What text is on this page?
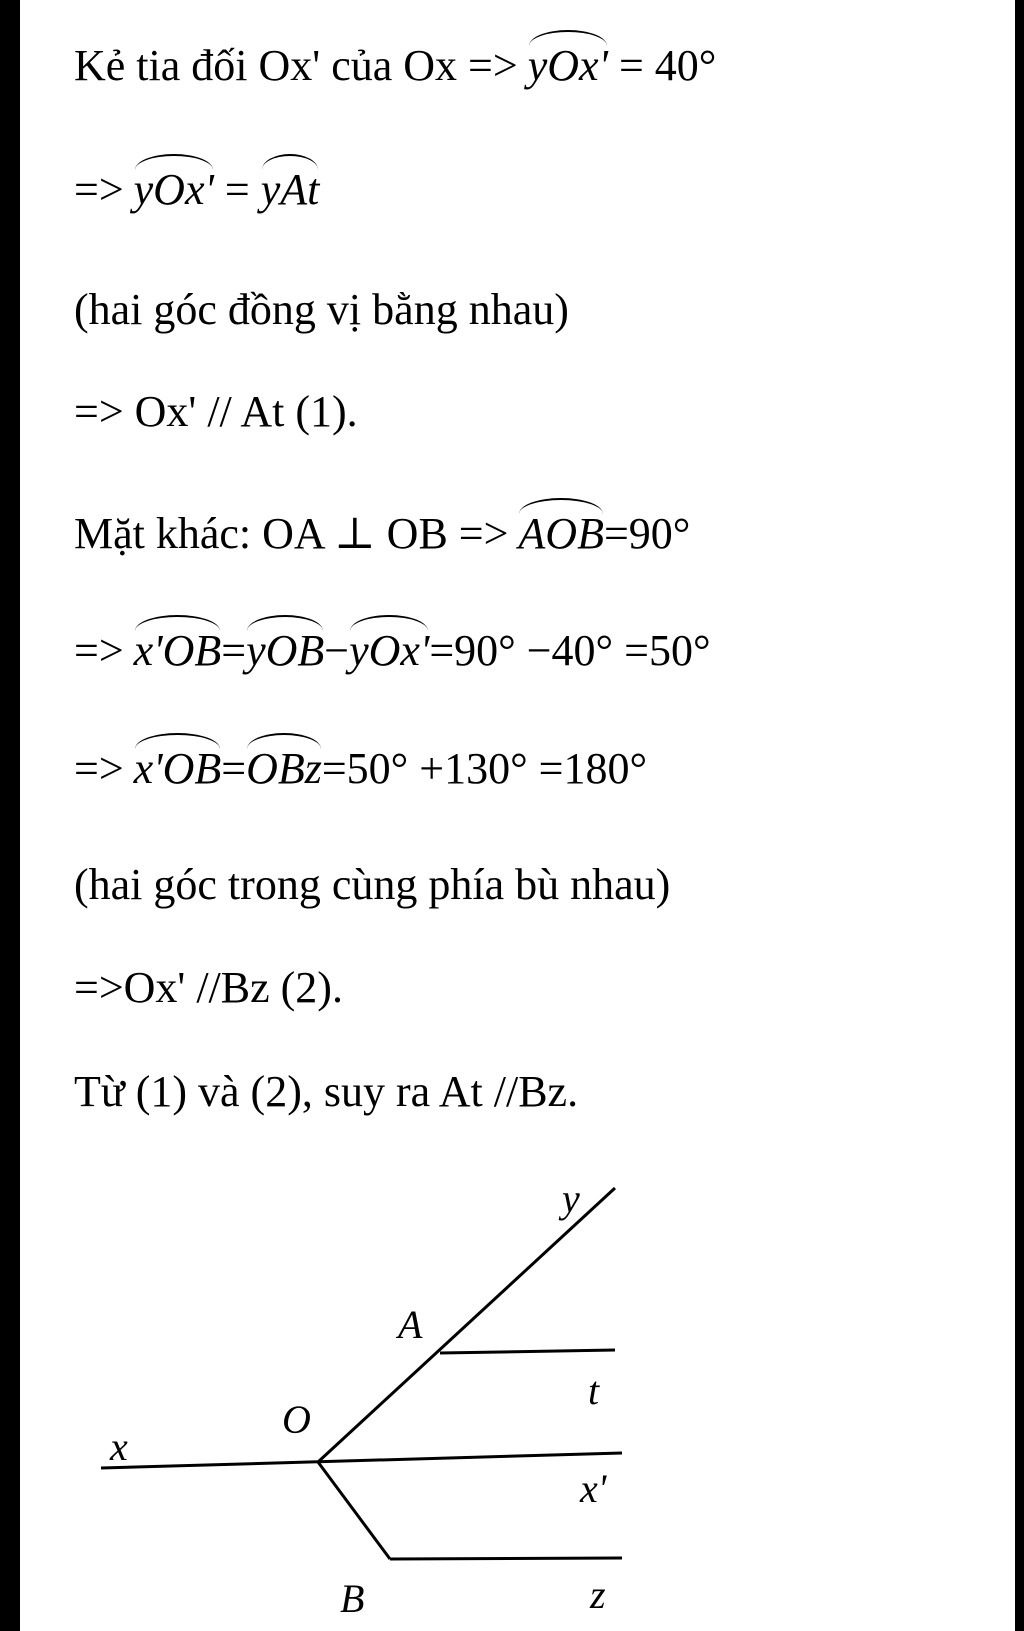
Kẻ tia đối Ox' của Ox => yOx' = 40°
=> yOx' = yAt
(hai góc đồng vị bằng nhau)
=> Ox' // At (1).
Mặt khác: OA ⊥ OB => AOB=90°
=> x'OB=yOB−yOx'=90° −40° =50°
=> x'OB=OBz=50° +130° =180°
(hai góc trong cùng phía bù nhau)
=>Ox' //Bz (2).
Từ (1) và (2), suy ra At //Bz.
y
A
t
O
x
x'
B	z
